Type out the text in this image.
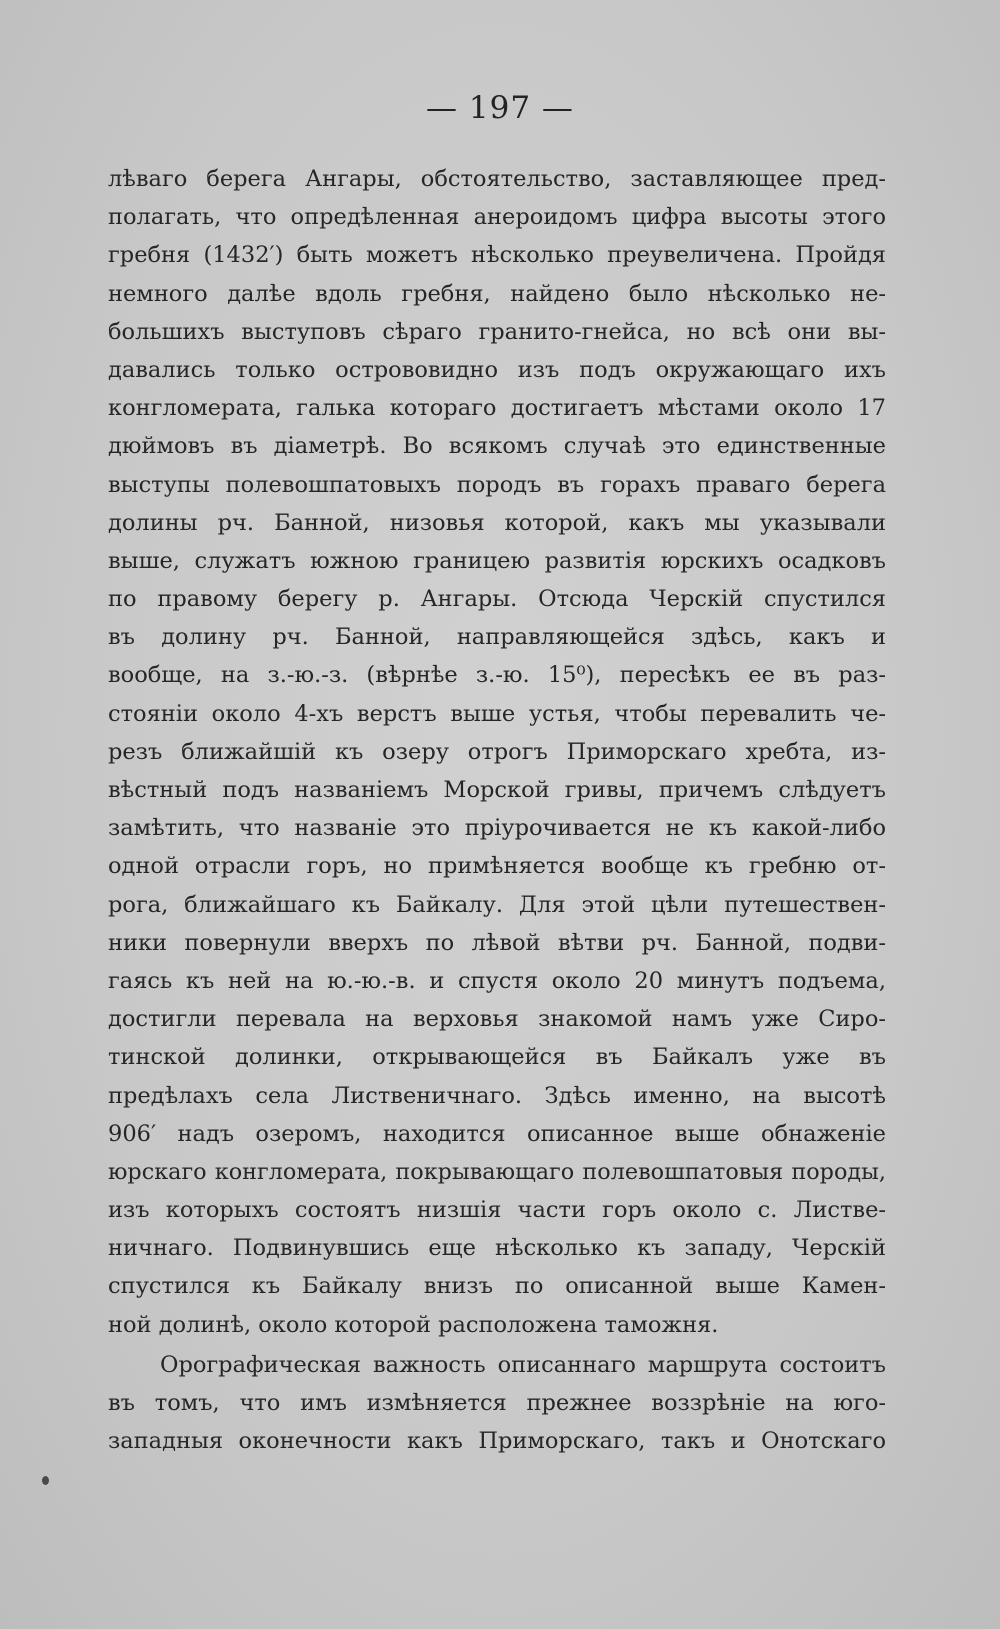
— 197 —
лѣваго берега Ангары, обстоятельство, заставляющее пред-
полагать, что опредѣленная анероидомъ цифра высоты этого
гребня (1432′) быть можетъ нѣсколько преувеличена. Пройдя
немного далѣе вдоль гребня, найдено было нѣсколько не-
большихъ выступовъ сѣраго гранито-гнейса, но всѣ они вы-
давались только острововидно изъ подъ окружающаго ихъ
конгломерата, галька котораго достигаетъ мѣстами около 17
дюймовъ въ діаметрѣ. Во всякомъ случаѣ это единственные
выступы полевошпатовыхъ породъ въ горахъ праваго берега
долины рч. Банной, низовья которой, какъ мы указывали
выше, служатъ южною границею развитія юрскихъ осадковъ
по правому берегу р. Ангары. Отсюда Черскій спустился
въ долину рч. Банной, направляющейся здѣсь, какъ и
вообще, на з.-ю.-з. (вѣрнѣе з.-ю. 15⁰), пересѣкъ ее въ раз-
стояніи около 4-хъ верстъ выше устья, чтобы перевалить че-
резъ ближайшій къ озеру отрогъ Приморскаго хребта, из-
вѣстный подъ названіемъ Морской гривы, причемъ слѣдуетъ
замѣтить, что названіе это пріурочивается не къ какой-либо
одной отрасли горъ, но примѣняется вообще къ гребню от-
рога, ближайшаго къ Байкалу. Для этой цѣли путешествен-
ники повернули вверхъ по лѣвой вѣтви рч. Банной, подви-
гаясь къ ней на ю.-ю.-в. и спустя около 20 минутъ подъема,
достигли перевала на верховья знакомой намъ уже Сиро-
тинской долинки, открывающейся въ Байкалъ уже въ
предѣлахъ села Лиственичнаго. Здѣсь именно, на высотѣ
906′ надъ озеромъ, находится описанное выше обнаженіе
юрскаго конгломерата, покрывающаго полевошпатовыя породы,
изъ которыхъ состоятъ низшія части горъ около с. Листве-
ничнаго. Подвинувшись еще нѣсколько къ западу, Черскій
спустился къ Байкалу внизъ по описанной выше Камен-
ной долинѣ, около которой расположена таможня.
Орографическая важность описаннаго маршрута состоитъ
въ томъ, что имъ измѣняется прежнее воззрѣніе на юго-
западныя оконечности какъ Приморскаго, такъ и Онотскаго
